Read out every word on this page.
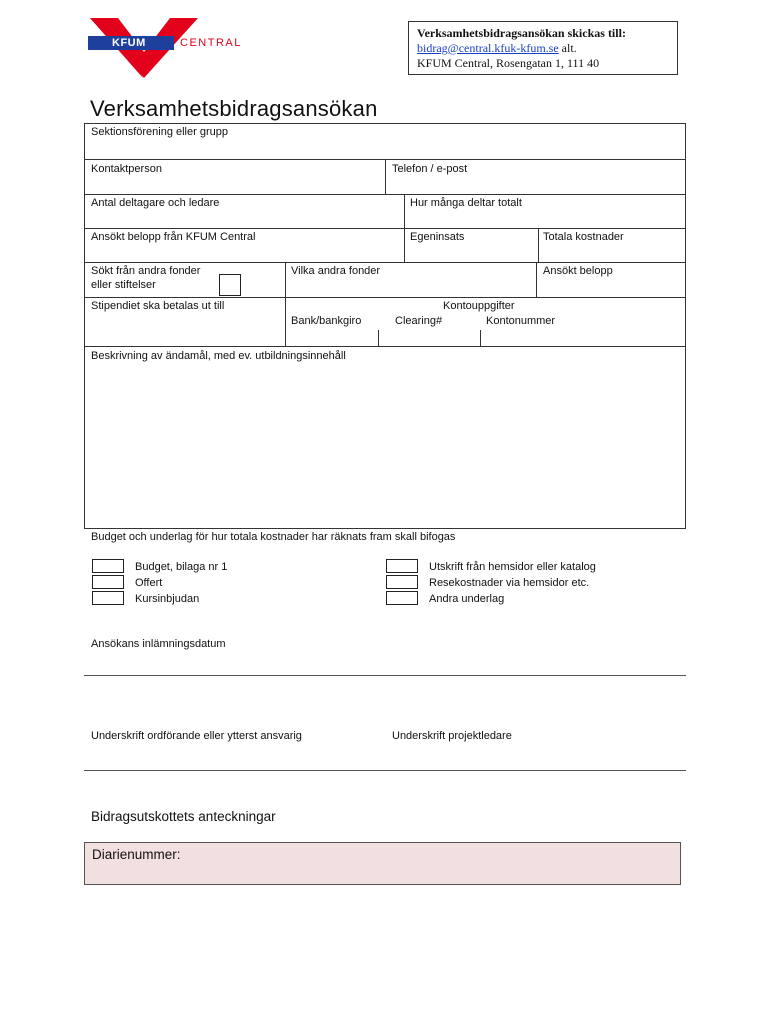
KFUM	CENTRAL
Verksamhetsbidragsansökan skickas till:
bidrag@central.kfuk-kfum.se alt.
KFUM Central, Rosengatan 1, 111 40
Verksamhetsbidragsansökan
Sektionsförening eller grupp
Kontaktperson	Telefon / e-post
Antal deltagare och ledare	Hur många deltar totalt
Ansökt belopp från KFUM Central	Egeninsats	Totala kostnader
Sökt från andra fonder
eller stiftelser
Vilka andra fonder	Ansökt belopp
Stipendiet ska betalas ut till	Kontouppgifter
Bank/bankgiro	Clearing#	Kontonummer
Beskrivning av ändamål, med ev. utbildningsinnehåll
Budget och underlag för hur totala kostnader har räknats fram skall bifogas
Budget, bilaga nr 1
Offert
Kursinbjudan
Utskrift från hemsidor eller katalog
Resekostnader via hemsidor etc.
Andra underlag
Ansökans inlämningsdatum
Underskrift ordförande eller ytterst ansvarig	Underskrift projektledare
Bidragsutskottets anteckningar
Diarienummer:
